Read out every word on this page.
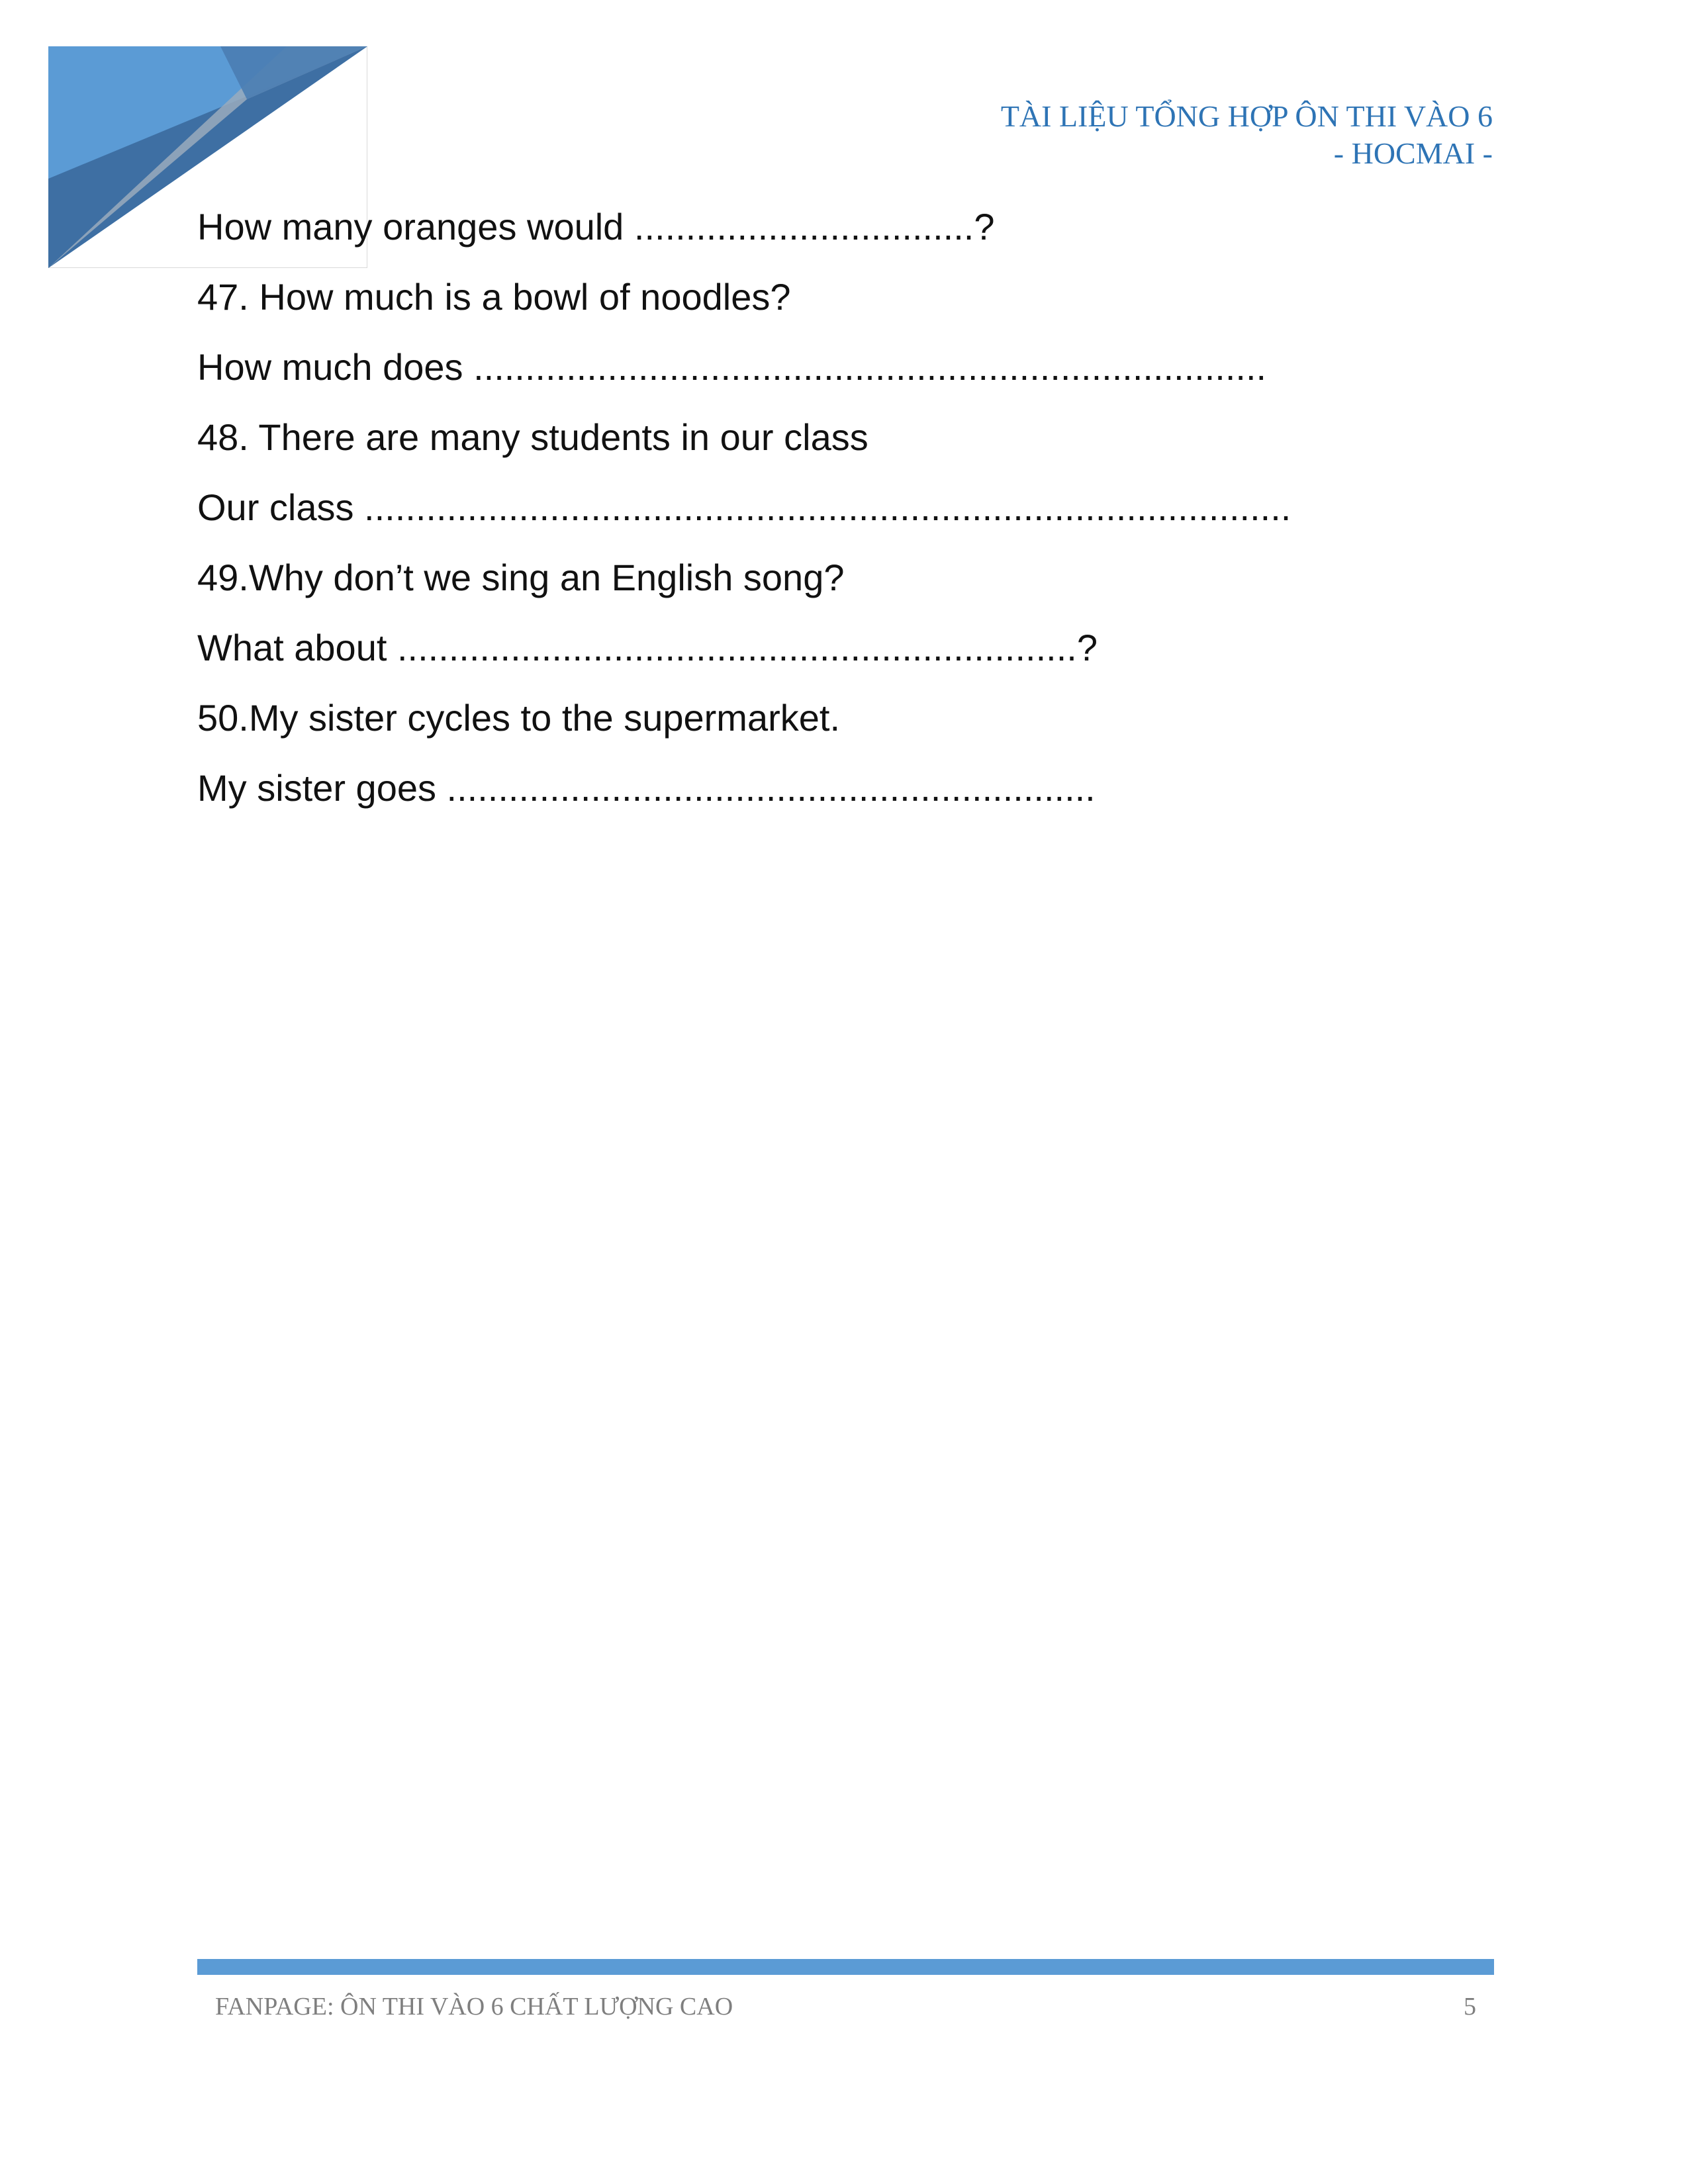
TÀI LIỆU TỔNG HỢP ÔN THI VÀO 6
- HOCMAI -
How many oranges would .................................?
47. How much is a bowl of noodles?
How much does .............................................................................
48. There are many students in our class
Our class ..........................................................................................
49.Why don’t we sing an English song?
What about ..................................................................?
50.My sister cycles to the supermarket.
My sister goes ...............................................................
FANPAGE: ÔN THI VÀO 6 CHẤT LƯỢNG CAO	5
